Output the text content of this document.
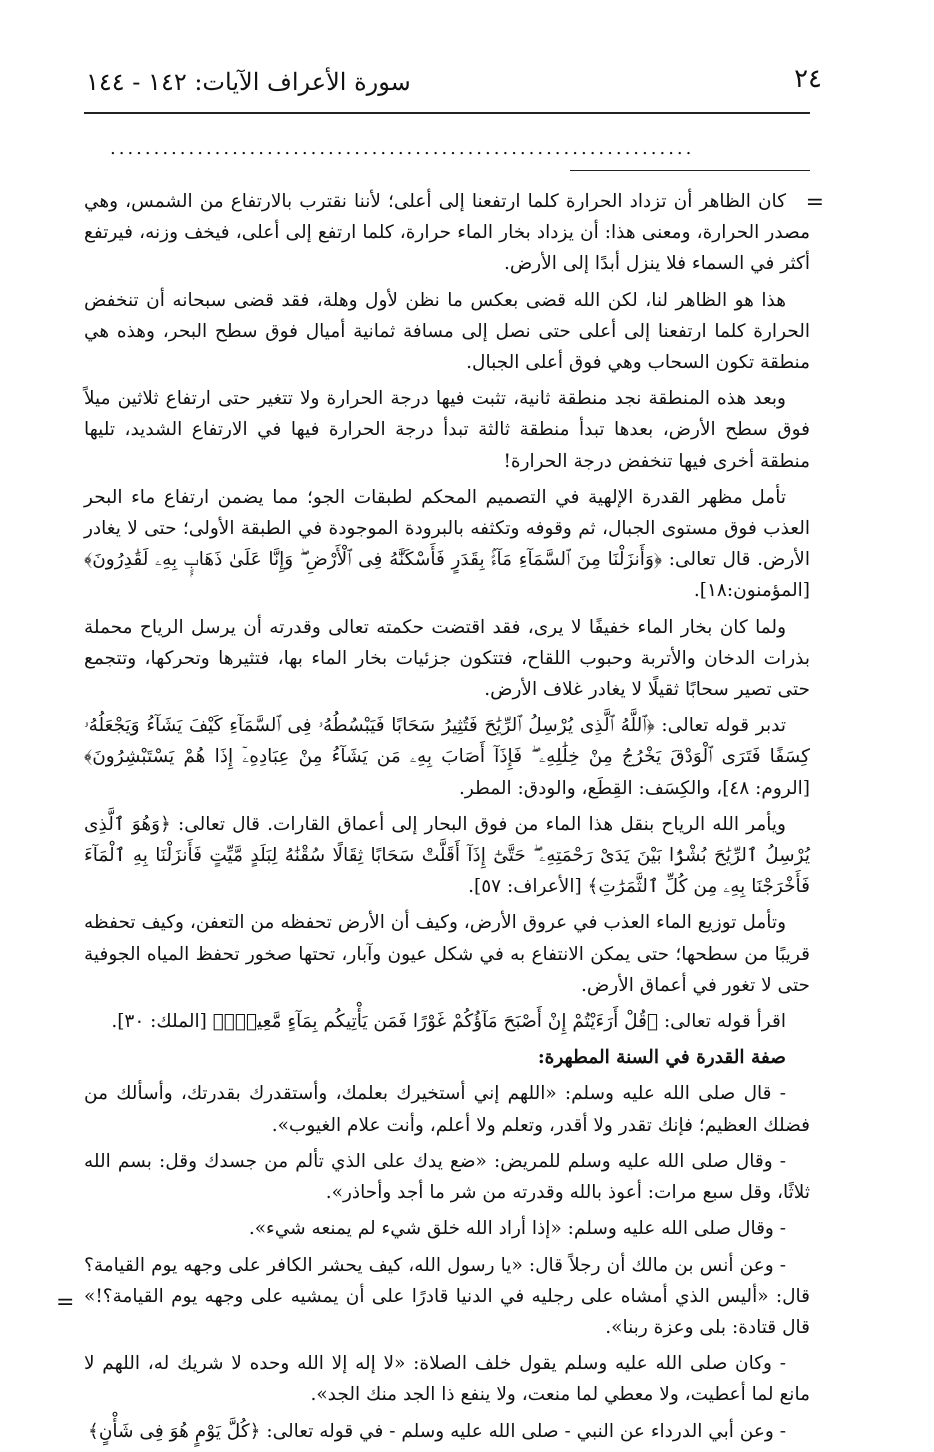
٢٤
سورة الأعراف الآيات: ١٤٢ - ١٤٤
...................................................................
=

كان الظاهر أن تزداد الحرارة كلما ارتفعنا إلى أعلى؛ لأننا نقترب بالارتفاع من الشمس، وهي مصدر الحرارة، ومعنى هذا: أن يزداد بخار الماء حرارة، كلما ارتفع إلى أعلى، فيخف وزنه، فيرتفع أكثر في السماء فلا ينزل أبدًا إلى الأرض.

هذا هو الظاهر لنا، لكن الله قضى بعكس ما نظن لأول وهلة، فقد قضى سبحانه أن تنخفض الحرارة كلما ارتفعنا إلى أعلى حتى نصل إلى مسافة ثمانية أميال فوق سطح البحر، وهذه هي منطقة تكون السحاب وهي فوق أعلى الجبال.

وبعد هذه المنطقة نجد منطقة ثانية، تثبت فيها درجة الحرارة ولا تتغير حتى ارتفاع ثلاثين ميلاً فوق سطح الأرض، بعدها تبدأ منطقة ثالثة تبدأ درجة الحرارة فيها في الارتفاع الشديد، تليها منطقة أخرى فيها تنخفض درجة الحرارة!

تأمل مظهر القدرة الإلهية في التصميم المحكم لطبقات الجو؛ مما يضمن ارتفاع ماء البحر العذب فوق مستوى الجبال، ثم وقوفه وتكثفه بالبرودة الموجودة في الطبقة الأولى؛ حتى لا يغادر الأرض. قال تعالى: ﴿وَأَنزَلْنَا مِنَ ٱلسَّمَآءِ مَآءًۢ بِقَدَرٍ فَأَسْكَنَّٰهُ فِى ٱلْأَرْضِ ۖ وَإِنَّا عَلَىٰ ذَهَابٍۭ بِهِۦ لَقَٰدِرُونَ﴾ [المؤمنون:١٨].

ولما كان بخار الماء خفيفًا لا يرى، فقد اقتضت حكمته تعالى وقدرته أن يرسل الرياح محملة بذرات الدخان والأتربة وحبوب اللقاح، فتتكون جزئيات بخار الماء بها، فتثيرها وتحركها، وتتجمع حتى تصير سحابًا ثقيلًا لا يغادر غلاف الأرض.

تدبر قوله تعالى: ﴿ٱللَّهُ ٱلَّذِى يُرْسِلُ ٱلرِّيَٰحَ فَتُثِيرُ سَحَابًا فَيَبْسُطُهُۥ فِى ٱلسَّمَآءِ كَيْفَ يَشَآءُ وَيَجْعَلُهُۥ كِسَفًا فَتَرَى ٱلْوَدْقَ يَخْرُجُ مِنْ خِلَٰلِهِۦ ۖ فَإِذَآ أَصَابَ بِهِۦ مَن يَشَآءُ مِنْ عِبَادِهِۦٓ إِذَا هُمْ يَسْتَبْشِرُونَ﴾ [الروم: ٤٨]، والكِسَف: القِطَع، والودق: المطر.

ويأمر الله الرياح بنقل هذا الماء من فوق البحار إلى أعماق القارات. قال تعالى: ﴿وَهُوَ ٱلَّذِى يُرْسِلُ ٱلرِّيَٰحَ بُشْرًۢا بَيْنَ يَدَىْ رَحْمَتِهِۦ ۖ حَتَّىٰٓ إِذَآ أَقَلَّتْ سَحَابًا ثِقَالًا سُقْنَٰهُ لِبَلَدٍ مَّيِّتٍ فَأَنزَلْنَا بِهِ ٱلْمَآءَ فَأَخْرَجْنَا بِهِۦ مِن كُلِّ ٱلثَّمَرَٰتِ﴾ [الأعراف: ٥٧].

وتأمل توزيع الماء العذب في عروق الأرض، وكيف أن الأرض تحفظه من التعفن، وكيف تحفظه قريبًا من سطحها؛ حتى يمكن الانتفاع به في شكل عيون وآبار، تحتها صخور تحفظ المياه الجوفية حتى لا تغور في أعماق الأرض.

اقرأ قوله تعالى: ﴿قُلْ أَرَءَيْتُمْ إِنْ أَصْبَحَ مَآؤُكُمْ غَوْرًا فَمَن يَأْتِيكُم بِمَآءٍ مَّعِينٍۭ﴾ [الملك: ٣٠].

صفة القدرة في السنة المطهرة:

- قال صلى الله عليه وسلم: «اللهم إني أستخيرك بعلمك، وأستقدرك بقدرتك، وأسألك من فضلك العظيم؛ فإنك تقدر ولا أقدر، وتعلم ولا أعلم، وأنت علام الغيوب».

- وقال صلى الله عليه وسلم للمريض: «ضع يدك على الذي تألم من جسدك وقل: بسم الله ثلاثًا، وقل سبع مرات: أعوذ بالله وقدرته من شر ما أجد وأحاذر».

- وقال صلى الله عليه وسلم: «إذا أراد الله خلق شيء لم يمنعه شيء».

- وعن أنس بن مالك أن رجلاً قال: «يا رسول الله، كيف يحشر الكافر على وجهه يوم القيامة؟ قال: «أليس الذي أمشاه على رجليه في الدنيا قادرًا على أن يمشيه على وجهه يوم القيامة؟!» قال قتادة: بلى وعزة ربنا».

- وكان صلى الله عليه وسلم يقول خلف الصلاة: «لا إله إلا الله وحده لا شريك له، اللهم لا مانع لما أعطيت، ولا معطي لما منعت، ولا ينفع ذا الجد منك الجد».

- وعن أبي الدرداء عن النبي - صلى الله عليه وسلم - في قوله تعالى: ﴿كُلَّ يَوْمٍ هُوَ فِى شَأْنٍ﴾

=
